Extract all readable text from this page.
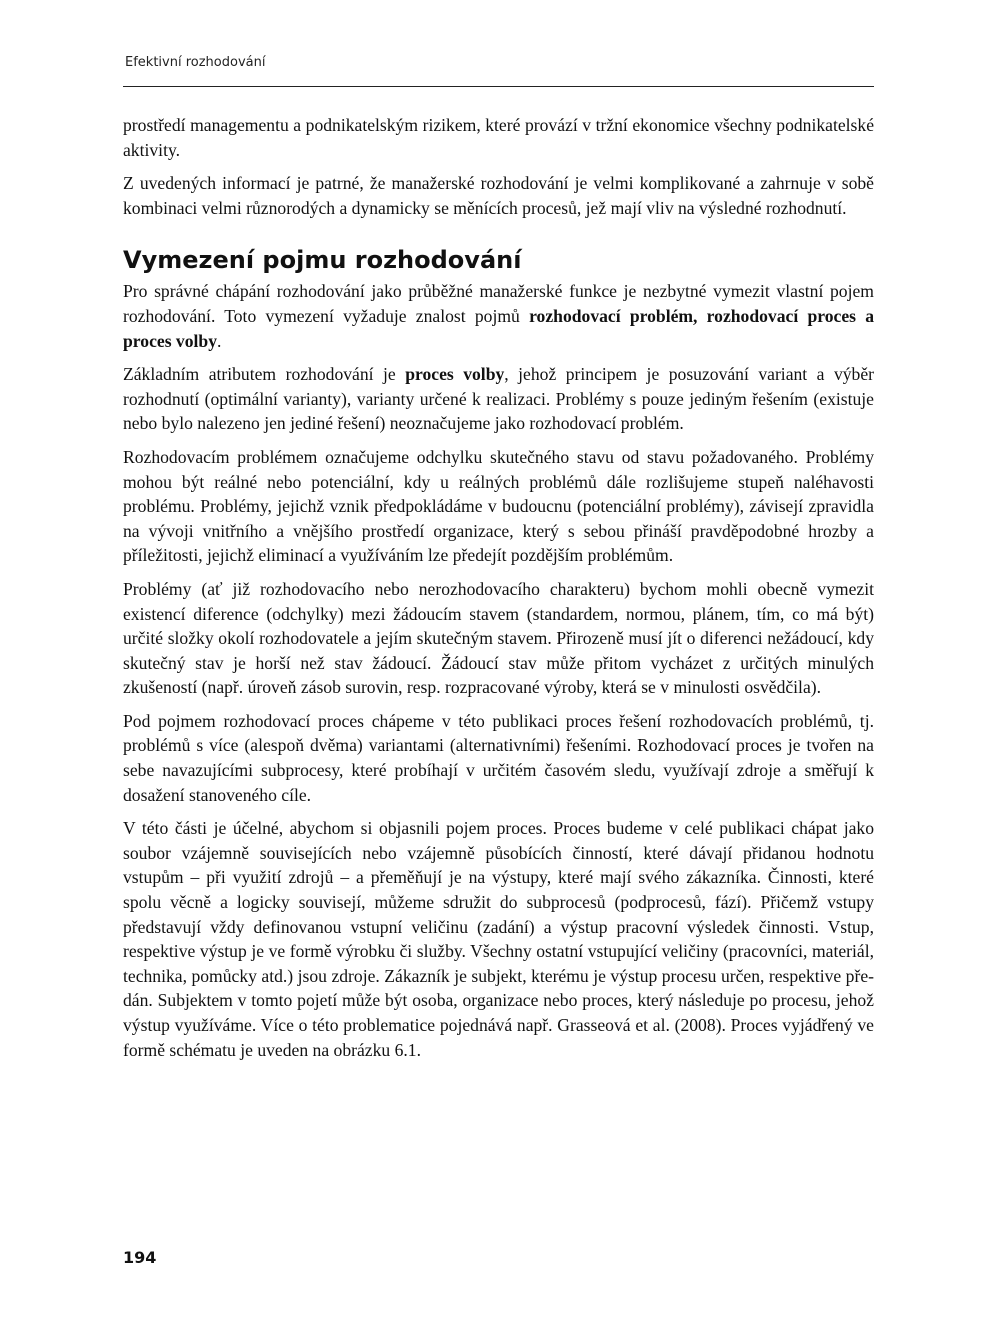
Efektivní rozhodování

prostředí managementu a podnikatelským rizikem, které provází v tržní ekonomice všechny podnikatelské aktivity.

Z uvedených informací je patrné, že manažerské rozhodování je velmi komplikované a zahrnuje v sobě kombinaci velmi různorodých a dynamicky se měnících procesů, jež mají vliv na výsledné rozhodnutí.

Vymezení pojmu rozhodování

Pro správné chápání rozhodování jako průběžné manažerské funkce je nezbytné vymezit vlastní pojem rozhodování. Toto vymezení vyžaduje znalost pojmů rozhodovací problém, rozhodovací proces a proces volby.

Základním atributem rozhodování je proces volby, jehož principem je posuzování variant a výběr rozhodnutí (optimální varianty), varianty určené k realizaci. Problémy s pouze jediným řešením (existuje nebo bylo nalezeno jen jediné řešení) neoznačujeme jako rozhodovací problém.

Rozhodovacím problémem označujeme odchylku skutečného stavu od stavu požadovaného. Problémy mohou být reálné nebo potenciální, kdy u reálných problémů dále rozlišujeme stupeň naléhavosti problému. Problémy, jejichž vznik předpokládáme v budoucnu (potenciální problémy), závisejí zpravidla na vývoji vnitřního a vnějšího prostředí organizace, který s sebou přináší pravděpodobné hrozby a příležitosti, jejichž eliminací a využíváním lze předejít pozdějším problémům.

Problémy (ať již rozhodovacího nebo nerozhodovacího charakteru) bychom mohli obecně vymezit existencí diference (odchylky) mezi žádoucím stavem (standardem, normou, plánem, tím, co má být) určité složky okolí rozhodovatele a jejím skutečným stavem. Přirozeně musí jít o diferenci nežádoucí, kdy skutečný stav je horší než stav žádoucí. Žádoucí stav může přitom vycházet z určitých minulých zkušeností (např. úroveň zásob surovin, resp. rozpracované výroby, která se v minulosti osvědčila).

Pod pojmem rozhodovací proces chápeme v této publikaci proces řešení rozhodovacích problémů, tj. problémů s více (alespoň dvěma) variantami (alternativními) řešeními. Rozhodovací proces je tvořen na sebe navazujícími subprocesy, které probíhají v určitém časovém sledu, využívají zdroje a směřují k dosažení stanoveného cíle.

V této části je účelné, abychom si objasnili pojem proces. Proces budeme v celé publikaci chápat jako soubor vzájemně souvisejících nebo vzájemně působících činností, které dávají přidanou hodnotu vstupům – při využití zdrojů – a přeměňují je na výstupy, které mají svého zákazníka. Činnosti, které spolu věcně a logicky souvisejí, můžeme sdružit do subprocesů (podprocesů, fází). Přičemž vstupy představují vždy definovanou vstupní veličinu (zadání) a výstup pracovní výsledek činnosti. Vstup, respektive výstup je ve formě výrobku či služby. Všechny ostatní vstupující veličiny (pracovníci, materiál, technika, pomůcky atd.) jsou zdroje. Zákazník je subjekt, kterému je výstup procesu určen, respektive předán. Subjektem v tomto pojetí může být osoba, organizace nebo proces, který následuje po procesu, jehož výstup využíváme. Více o této problematice pojednává např. Grasseová et al. (2008). Proces vyjádřený ve formě schématu je uveden na obrázku 6.1.

194
